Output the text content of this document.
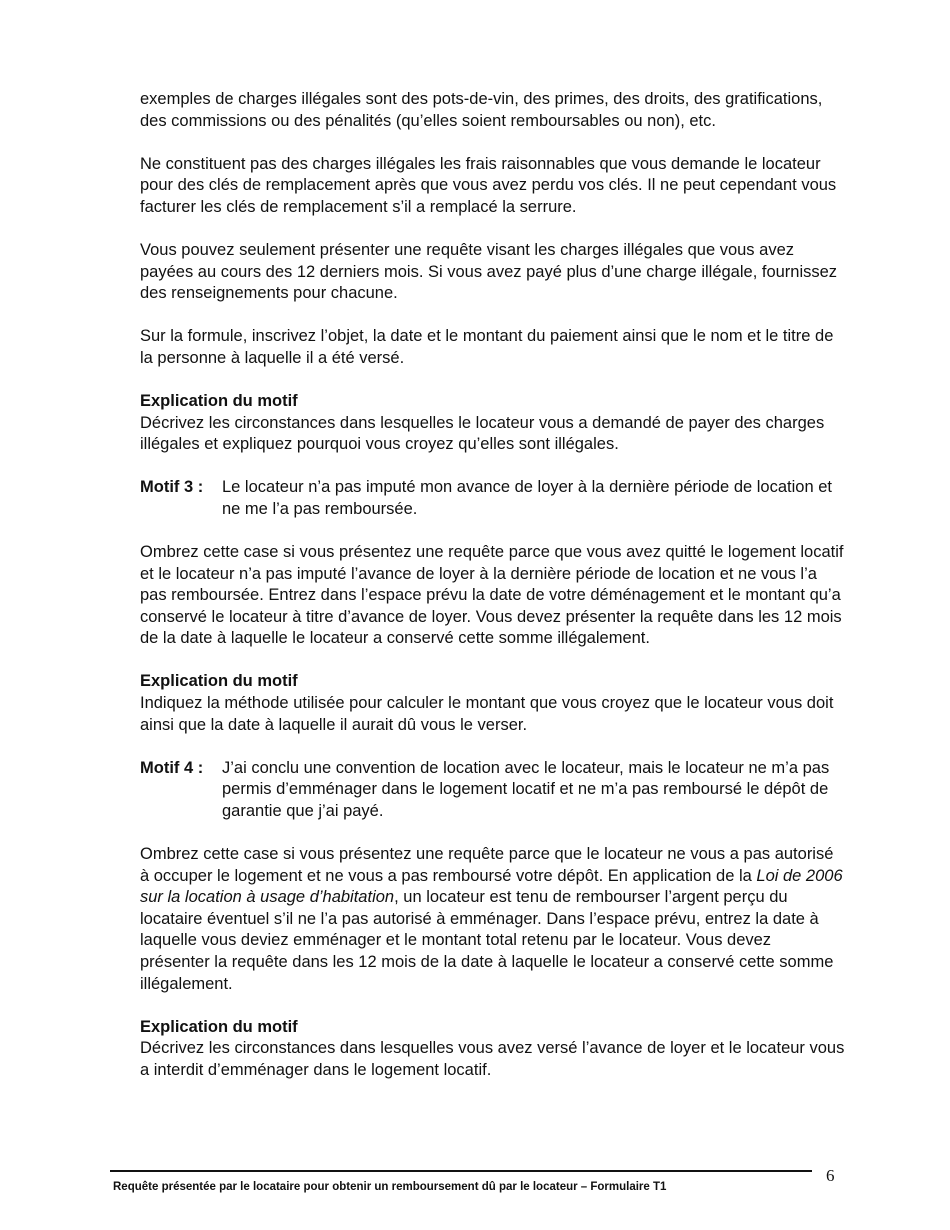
exemples de charges illégales sont des pots-de-vin, des primes, des droits, des gratifications, des commissions ou des pénalités (qu’elles soient remboursables ou non), etc.

Ne constituent pas des charges illégales les frais raisonnables que vous demande le locateur pour des clés de remplacement après que vous avez perdu vos clés. Il ne peut cependant vous facturer les clés de remplacement s’il a remplacé la serrure.

Vous pouvez seulement présenter une requête visant les charges illégales que vous avez payées au cours des 12 derniers mois. Si vous avez payé plus d’une charge illégale, fournissez des renseignements pour chacune.

Sur la formule, inscrivez l’objet, la date et le montant du paiement ainsi que le nom et le titre de la personne à laquelle il a été versé.

Explication du motif
Décrivez les circonstances dans lesquelles le locateur vous a demandé de payer des charges illégales et expliquez pourquoi vous croyez qu’elles sont illégales.

Motif 3 :	Le locateur n’a pas imputé mon avance de loyer à la dernière période de location et ne me l’a pas remboursée.

Ombrez cette case si vous présentez une requête parce que vous avez quitté le logement locatif et le locateur n’a pas imputé l’avance de loyer à la dernière période de location et ne vous l’a pas remboursée. Entrez dans l’espace prévu la date de votre déménagement et le montant qu’a conservé le locateur à titre d’avance de loyer. Vous devez présenter la requête dans les 12 mois de la date à laquelle le locateur a conservé cette somme illégalement.

Explication du motif
Indiquez la méthode utilisée pour calculer le montant que vous croyez que le locateur vous doit ainsi que la date à laquelle il aurait dû vous le verser.

Motif 4 :	J’ai conclu une convention de location avec le locateur, mais le locateur ne m’a pas permis d’emménager dans le logement locatif et ne m’a pas remboursé le dépôt de garantie que j’ai payé.

Ombrez cette case si vous présentez une requête parce que le locateur ne vous a pas autorisé à occuper le logement et ne vous a pas remboursé votre dépôt. En application de la Loi de 2006 sur la location à usage d’habitation, un locateur est tenu de rembourser l’argent perçu du locataire éventuel s’il ne l’a pas autorisé à emménager. Dans l’espace prévu, entrez la date à laquelle vous deviez emménager et le montant total retenu par le locateur. Vous devez présenter la requête dans les 12 mois de la date à laquelle le locateur a conservé cette somme illégalement.

Explication du motif
Décrivez les circonstances dans lesquelles vous avez versé l’avance de loyer et le locateur vous a interdit d’emménager dans le logement locatif.

6
Requête présentée par le locataire pour obtenir un remboursement dû par le locateur – Formulaire T1
